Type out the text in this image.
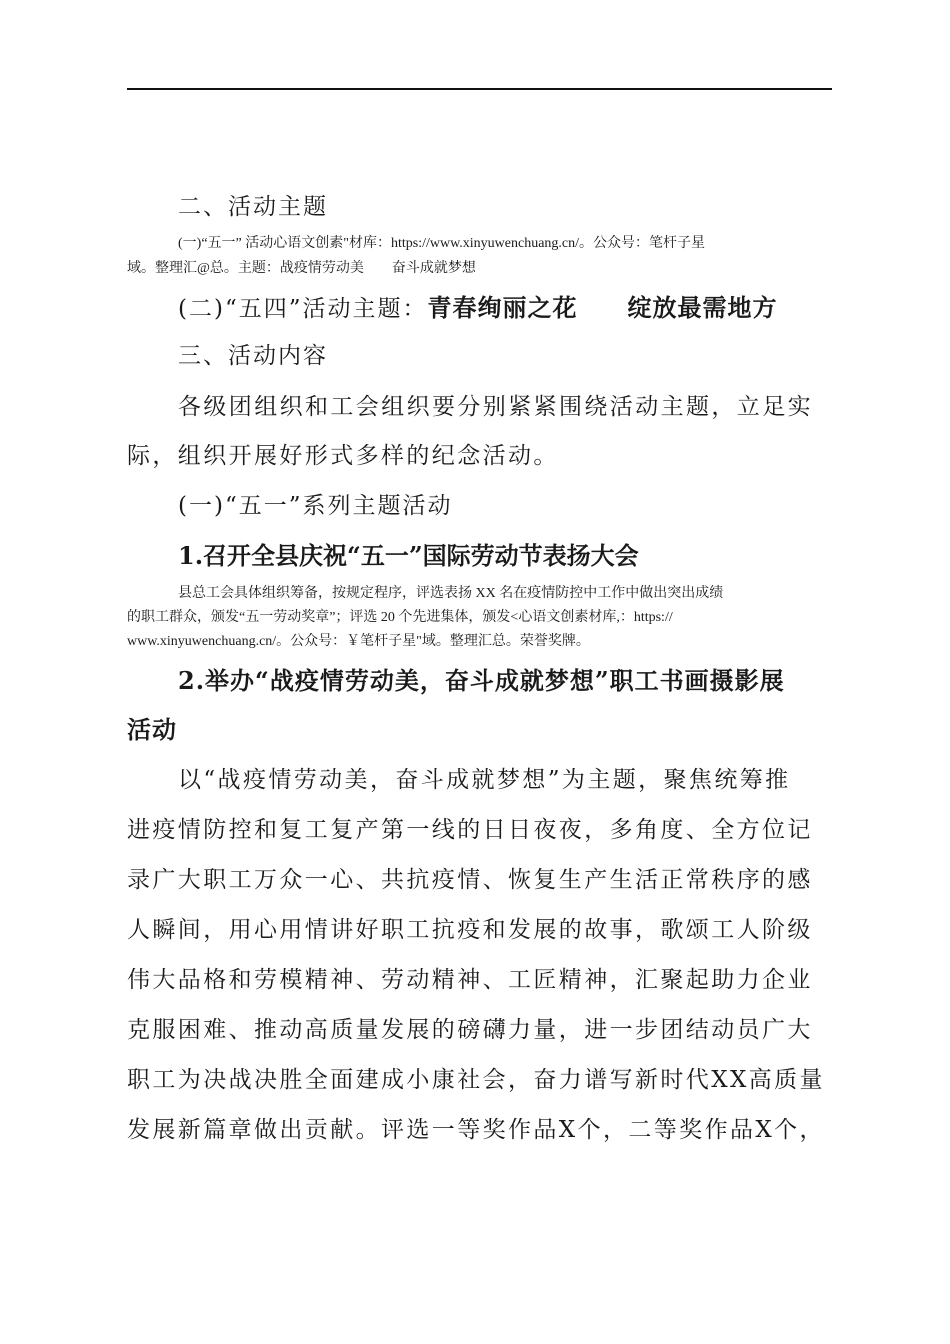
二、活动主题
(一)“五一” 活动心语文创素"材库：https://www.xinyuwenchuang.cn/。公众号：笔杆子星
域。整理汇@总。主题：战疫情劳动美　　奋斗成就梦想
(二)“五四”活动主题：青春绚丽之花　　绽放最需地方
三、活动内容
各级团组织和工会组织要分别紧紧围绕活动主题，立足实
际，组织开展好形式多样的纪念活动。
(一)“五一”系列主题活动
1.召开全县庆祝“五一”国际劳动节表扬大会
县总工会具体组织筹备，按规定程序，评选表扬 XX 名在疫情防控中工作中做出突出成绩
的职工群众，颁发“五一劳动奖章”；评选 20 个先进集体，颁发<心语文创素材库,：https://
www.xinyuwenchuang.cn/。公众号：￥笔杆子星"域。整理汇总。荣誉奖牌。
2.举办“战疫情劳动美，奋斗成就梦想”职工书画摄影展
活动
以“战疫情劳动美，奋斗成就梦想”为主题，聚焦统筹推
进疫情防控和复工复产第一线的日日夜夜，多角度、全方位记
录广大职工万众一心、共抗疫情、恢复生产生活正常秩序的感
人瞬间，用心用情讲好职工抗疫和发展的故事，歌颂工人阶级
伟大品格和劳模精神、劳动精神、工匠精神，汇聚起助力企业
克服困难、推动高质量发展的磅礴力量，进一步团结动员广大
职工为决战决胜全面建成小康社会，奋力谱写新时代XX高质量
发展新篇章做出贡献。评选一等奖作品X个，二等奖作品X个，
